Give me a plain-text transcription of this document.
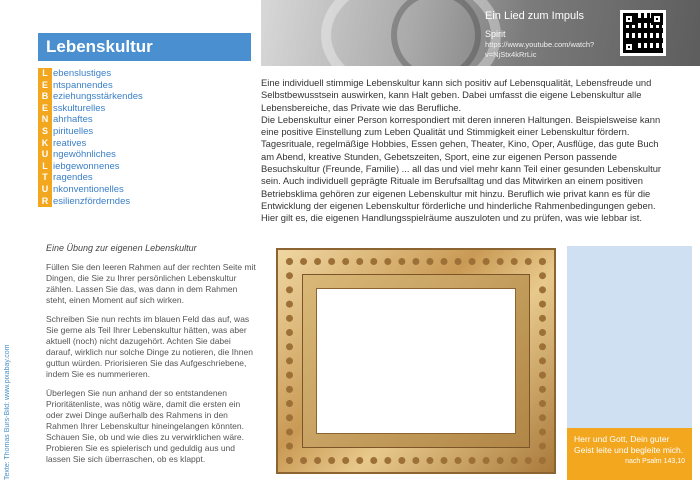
Texte: Thomas Burs-Bild: www.pixabay.com
Lebenskultur
L ebenslustiges
E ntspannendes
B eziehungsstärkendes
E sskulturelles
N ahrhaftes
S pirituelles
K reatives
U ngewöhnliches
L iebgewonnenes
T ragendes
U nkonventionelles
R esilienzförderndes
Ein Lied zum Impuls
Spirit
https://www.youtube.com/watch?v=NjStx4kRrLic

Eine individuell stimmige Lebenskultur kann sich positiv auf Lebensqualität, Lebensfreude und Selbstbewusstsein auswirken, kann Halt geben. Dabei umfasst die eigene Lebenskultur alle Lebensbereiche, das Private wie das Berufliche.
Die Lebenskultur einer Person korrespondiert mit deren inneren Haltungen. Beispielsweise kann eine positive Einstellung zum Leben Qualität und Stimmigkeit einer Lebenskultur fördern. Tagesrituale, regelmäßige Hobbies, Essen gehen, Theater, Kino, Oper, Ausflüge, das gute Buch am Abend, kreative Stunden, Gebetszeiten, Sport, eine zur eigenen Person passende Besuchskultur (Freunde, Familie) ... all das und viel mehr kann Teil einer gesunden Lebenskultur sein. Auch individuell geprägte Rituale im Berufsalltag und das Mitwirken an einem positiven Betriebsklima gehören zur eigenen Lebenskultur mit hinzu. Beruflich wie privat kann es für die Entwicklung der eigenen Lebenskultur förderliche und hinderliche Rahmenbedingungen geben. Hier gilt es, die eigenen Handlungsspielräume auszuloten und zu prüfen, was wie lebbar ist.

Eine Übung zur eigenen Lebenskultur

Füllen Sie den leeren Rahmen auf der rechten Seite mit Dingen, die Sie zu Ihrer persönlichen Lebenskultur zählen. Lassen Sie das, was dann in dem Rahmen steht, einen Moment auf sich wirken.

Schreiben Sie nun rechts im blauen Feld das auf, was Sie gerne als Teil Ihrer Lebenskultur hätten, was aber aktuell (noch) nicht dazugehört. Achten Sie dabei darauf, wirklich nur solche Dinge zu notieren, die Ihnen guttun würden. Priorisieren Sie das Aufgeschriebene, indem Sie es nummerieren.

Überlegen Sie nun anhand der so entstandenen Prioritätenliste, was nötig wäre, damit die ersten ein oder zwei Dinge außerhalb des Rahmens in den Rahmen Ihrer Lebenskultur hineingelangen könnten. Schauen Sie, ob und wie dies zu verwirklichen wäre. Probieren Sie es spielerisch und geduldig aus und lassen Sie sich überraschen, ob es klappt.

Herr und Gott, Dein guter Geist leite und begleite mich.
nach Psalm 143,10
